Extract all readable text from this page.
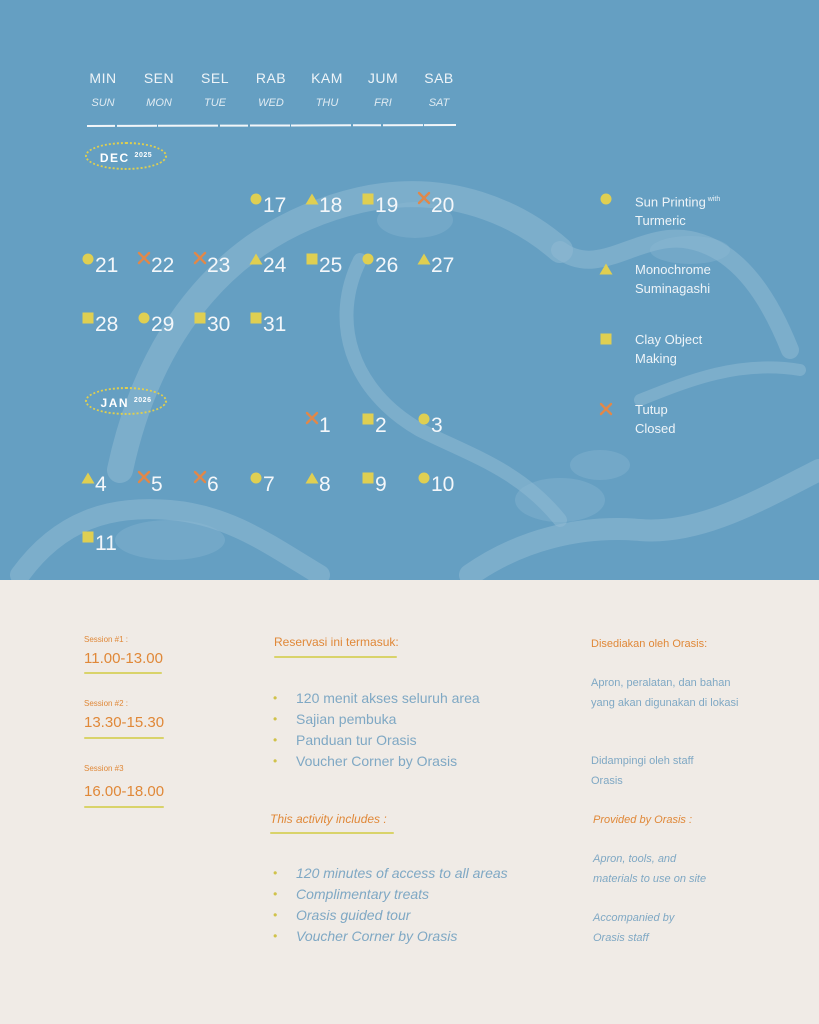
MIN
SUN
SEN
MON
SEL
TUE
RAB
WED
KAM
THU
JUM
FRI
SAB
SAT
DEC $^{2025}$
JAN $^{2026}$
17 18 19 20
21 22 23 24 25 26 27
28 29 30 31
1 2 3
4 5 6 7 8 9 10
11
Sun Printing $^{with}$
Turmeric
Monochrome
Suminagashi
Clay Object
Making
Tutup
Closed
Session #1 :
11.00-13.00
Session #2 :
13.30-15.30
Session #3
16.00-18.00
Reservasi ini termasuk:
• 120 menit akses seluruh area
• Sajian pembuka
• Panduan tur Orasis
• Voucher Corner by Orasis
This activity includes :
• 120 minutes of access to all areas
• Complimentary treats
• Orasis guided tour
• Voucher Corner by Orasis
Disediakan oleh Orasis:
Apron, peralatan, dan bahan yang akan digunakan di lokasi
Didampingi oleh staff Orasis
Provided by Orasis :
Apron, tools, and materials to use on site
Accompanied by Orasis staff
